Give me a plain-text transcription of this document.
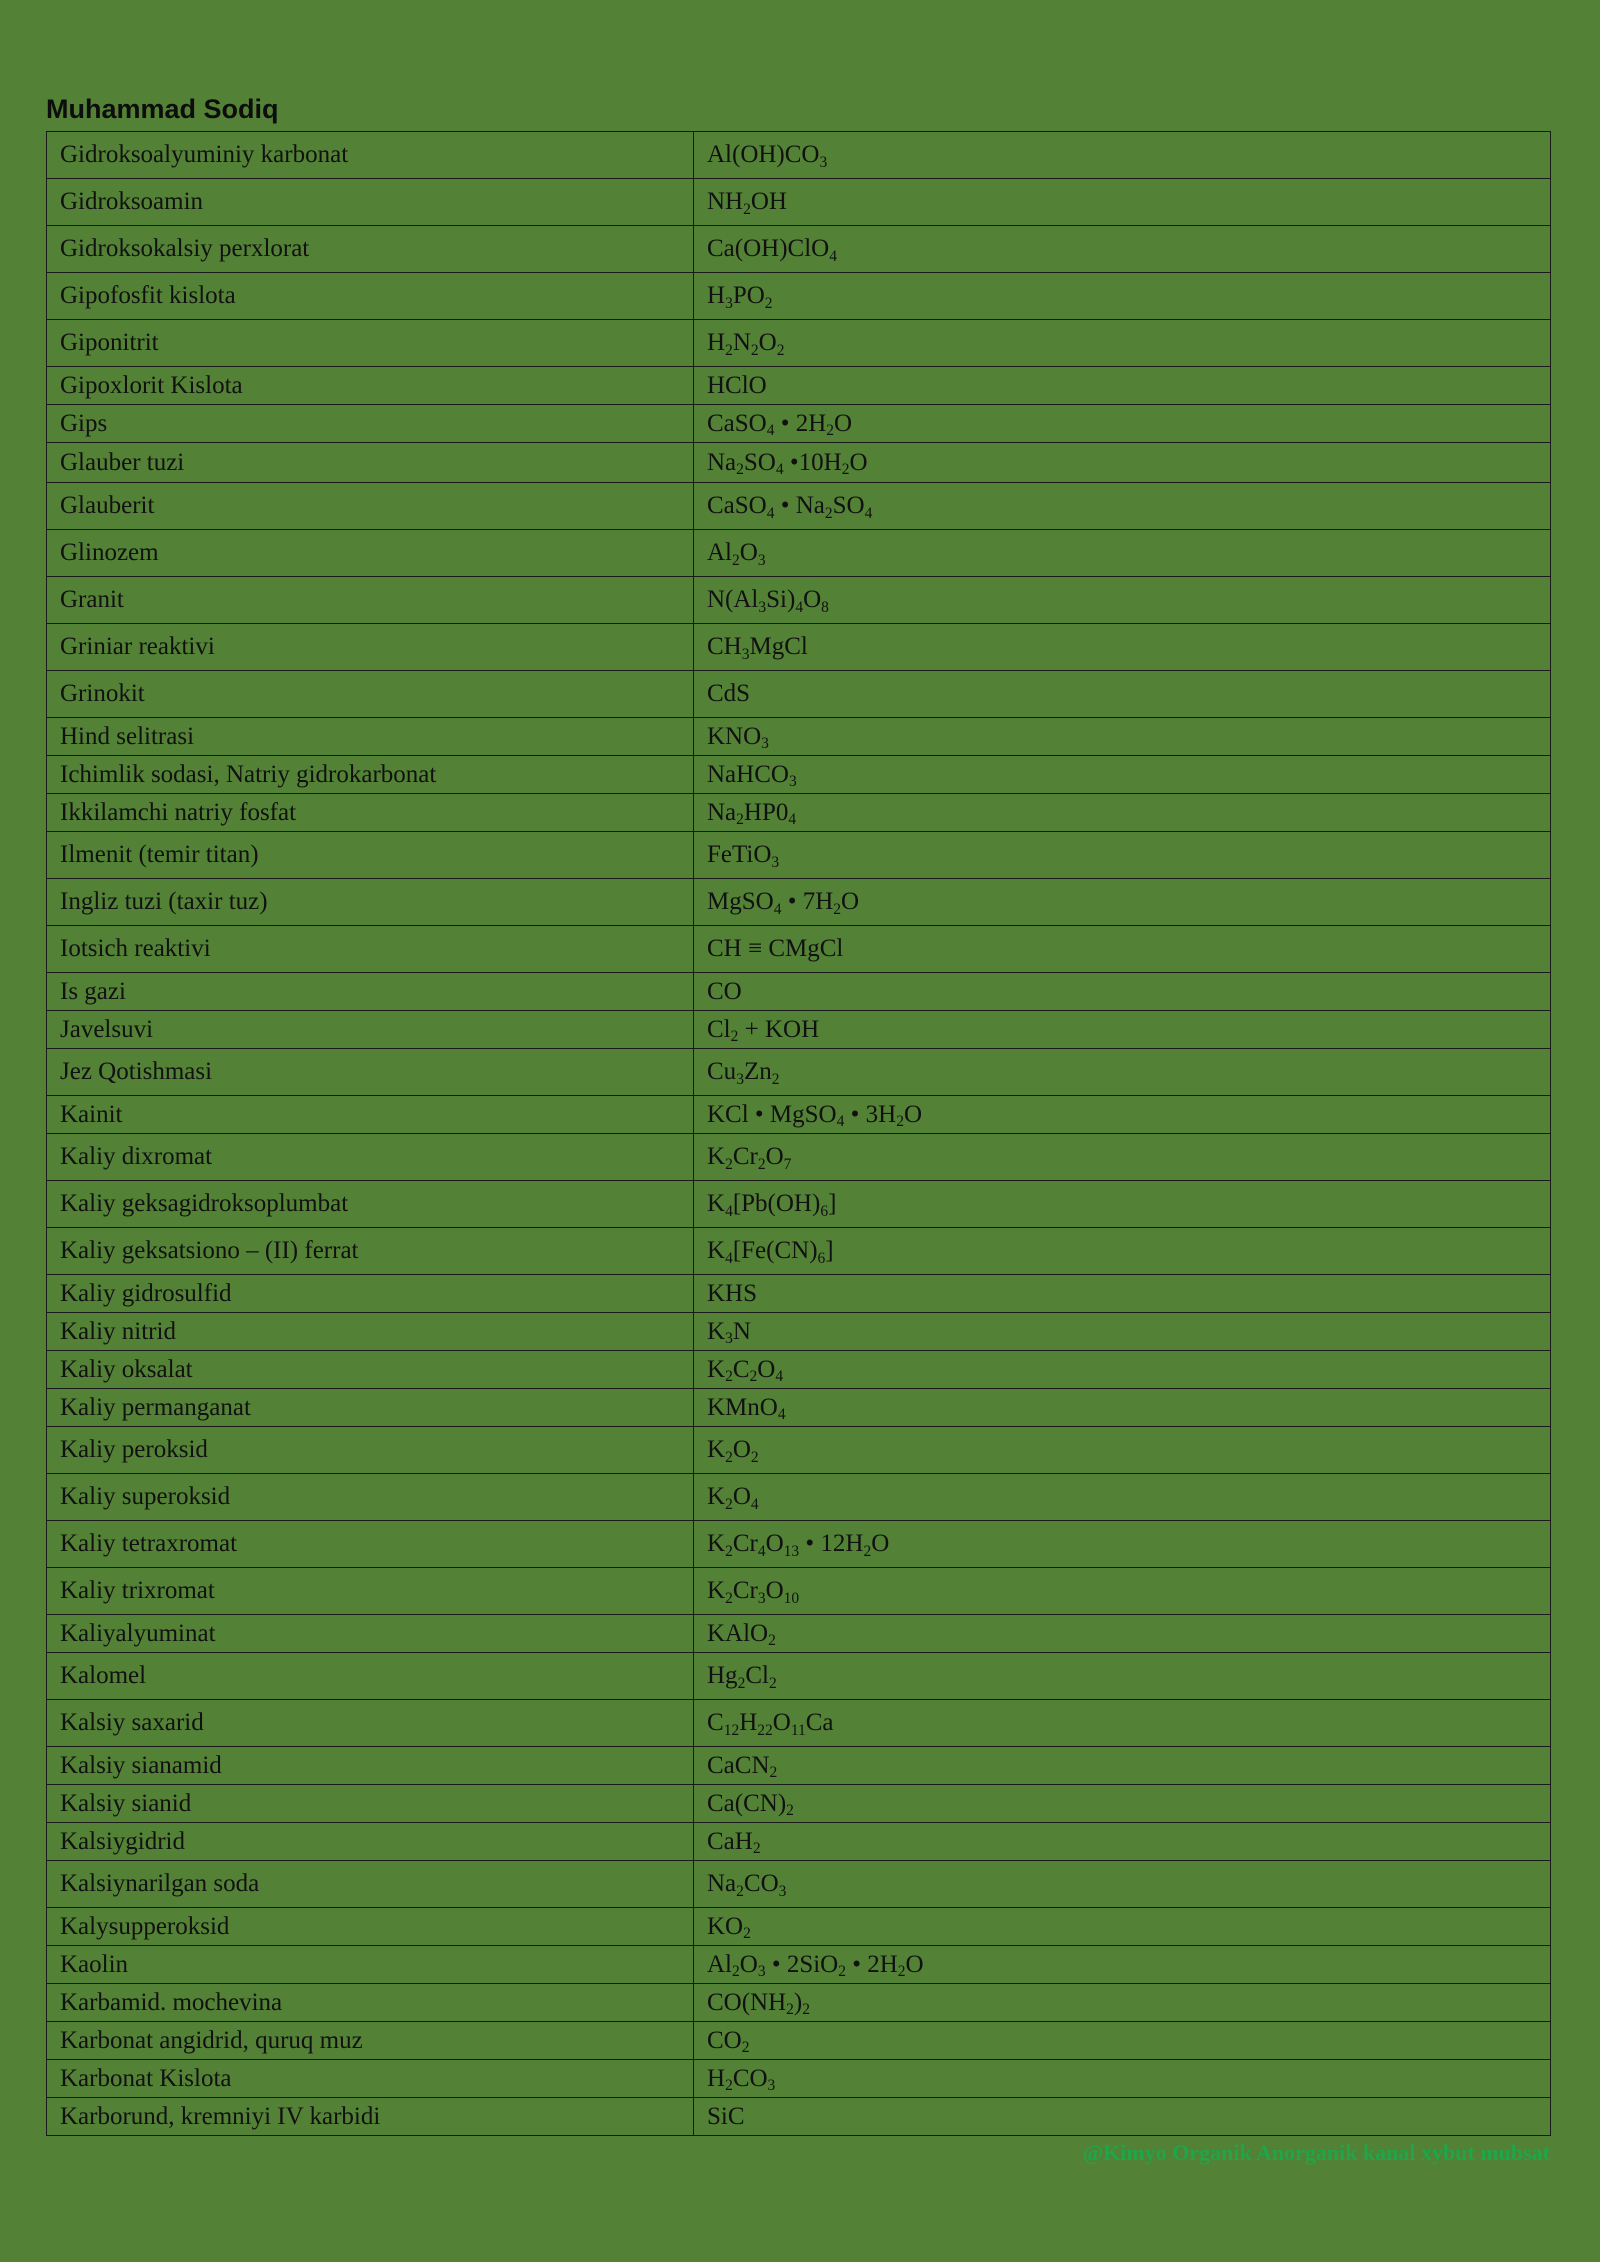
Muhammad Sodiq
Gidroksoalyuminiy karbonat	$Al(OH)CO_3$
Gidroksoamin	$NH_2OH$
Gidroksokalsiy perxlorat	Ca(OH)ClO$_4$
Gipofosfit kislota	$H_3PO_2$
Giponitrit	$H_2N_2O_2$
Gipoxlorit Kislota	HClO
Gips	CaSO$_4$ • $2H_2O$
Glauber tuzi	$Na_2SO_4$ $•10H_2O$
Glauberit	CaSO$_4$ • $Na_2SO_4$
Glinozem	$Al_2O_3$
Granit	$N(Al_3Si)_4O_8$
Griniar reaktivi	$CH_3MgCl$
Grinokit	CdS
Hind selitrasi	$KNO_3$
Ichimlik sodasi, Natriy gidrokarbonat	NaHCO$_3$
Ikkilamchi natriy fosfat	$Na_2HP0_4$
Ilmenit (temir titan)	FeTiO$_3$
Ingliz tuzi (taxir tuz)	MgSO$_4$ • $7H_2O$
Iotsich reaktivi	CH ≡ CMgCl
Is gazi	CO
Javelsuvi	$Cl_2$ + KOH
Jez Qotishmasi	$Cu_3Zn_2$
Kainit	KCl • MgSO$_4$ • $3H_2O$
Kaliy dixromat	$K_2Cr_2O_7$
Kaliy geksagidroksoplumbat	$K_4[Pb(OH)_6]$
Kaliy geksatsiono – (II) ferrat	$K_4[Fe(CN)_6]$
Kaliy gidrosulfid	KHS
Kaliy nitrid	$K_3N$
Kaliy oksalat	$K_2C_2O_4$
Kaliy permanganat	KMnO$_4$
Kaliy peroksid	$K_2O_2$
Kaliy superoksid	$K_2O_4$
Kaliy tetraxromat	$K_2Cr_4O_{13}$ • $12H_2O$
Kaliy trixromat	$K_2Cr_3O_{10}$
Kaliyalyuminat	KAlO$_2$
Kalomel	$Hg_2Cl_2$
Kalsiy saxarid	$C_{12}H_{22}O_{11}Ca$
Kalsiy sianamid	CaCN$_2$
Kalsiy sianid	$Ca(CN)_2$
Kalsiygidrid	CaH$_2$
Kalsiynarilgan soda	$Na_2CO_3$
Kalysupperoksid	$KO_2$
Kaolin	$Al_2O_3$ • 2SiO$_2$ • $2H_2O$
Karbamid. mochevina	$CO(NH_2)_2$
Karbonat angidrid, quruq muz	$CO_2$
Karbonat Kislota	$H_2CO_3$
Karborund, kremniyi IV karbidi	SiC
@Kimyo Organik Anorganik kanal xybut mubsat
